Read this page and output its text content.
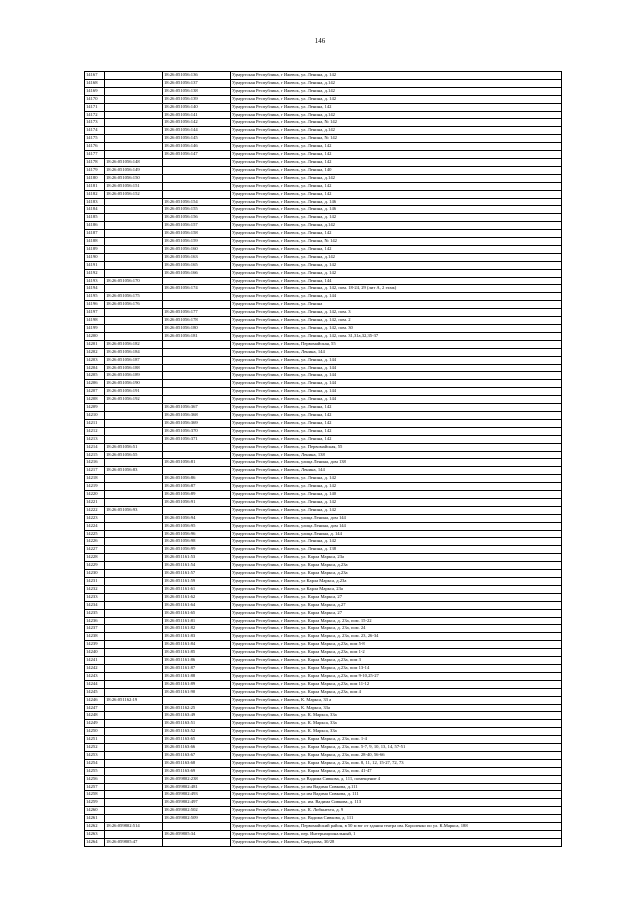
146
14167		18:26:051056:136	Удмуртская Республика, г Ижевск, ул. Ленина, д. 142
14168		18:26:051056:137	Удмуртская Республика, г Ижевск, ул. Ленина, д.142
14169		18:26:051056:138	Удмуртская Республика, г Ижевск, ул. Ленина, д.142
14170		18:26:051056:139	Удмуртская Республика, г Ижевск, ул. Ленина, д. 142
14171		18:26:051056:140	Удмуртская Республика, г Ижевск, ул. Ленина, 142
14172		18:26:051056:141	Удмуртская Республика, г Ижевск, ул. Ленина, д.142
14173		18:26:051056:142	Удмуртская Республика, г Ижевск, ул. Ленина, № 142
14174		18:26:051056:144	Удмуртская Республика, г Ижевск, ул. Ленина, д.142
14175		18:26:051056:145	Удмуртская Республика, г Ижевск, ул. Ленина, № 142
14176		18:26:051056:146	Удмуртская Республика, г Ижевск, ул. Ленина, 142
14177		18:26:051056:147	Удмуртская Республика, г Ижевск, ул. Ленина, 142
14178	18:26:051056:148		Удмуртская Республика, г Ижевск, ул. Ленина, 142
14179	18:26:051056:149		Удмуртская Республика, г Ижевск, ул. Ленина, 140
14180	18:26:051056:150		Удмуртская Республика, г Ижевск, ул. Ленина, д.142
14181	18:26:051056:151		Удмуртская Республика, г Ижевск, ул. Ленина, 142
14182	18:26:051056:152		Удмуртская Республика, г Ижевск, ул. Ленина, 142
14183		18:26:051056:154	Удмуртская Республика, г Ижевск, ул. Ленина, д. 146
14184		18:26:051056:155	Удмуртская Республика, г Ижевск, ул. Ленина, д. 146
14185		18:26:051056:156	Удмуртская Республика, г Ижевск, ул. Ленина, д. 142
14186		18:26:051056:157	Удмуртская Республика, г Ижевск, ул. Ленина, д.142
14187		18:26:051056:158	Удмуртская Республика, г Ижевск, ул. Ленина, 142
14188		18:26:051056:159	Удмуртская Республика, г Ижевск, ул. Ленина, № 142
14189		18:26:051056:160	Удмуртская Республика, г Ижевск, ул. Ленина, 142
14190		18:26:051056:163	Удмуртская Республика, г Ижевск, ул. Ленина, д.142
14191		18:26:051056:165	Удмуртская Республика, г Ижевск, ул. Ленина, д. 142
14192		18:26:051056:166	Удмуртская Республика, г Ижевск, ул. Ленина, д. 142
14193	18:26:051056:170		Удмуртская Республика, г Ижевск, ул. Ленина, 144
14194		18:26:051056:174	Удмуртская Республика, г Ижевск, ул. Ленина, д. 142, пом. 18-24, 29 (лит А, 2 этаж)
14195	18:26:051056:175		Удмуртская Республика, г Ижевск, ул. Ленина, д. 144
14196	18:26:051056:176		Удмуртская Республика, г Ижевск, ул. Ленина
14197		18:26:051056:177	Удмуртская Республика, г Ижевск, ул. Ленина, д. 142, пом. 3
14198		18:26:051056:178	Удмуртская Республика, г Ижевск, ул. Ленина, д. 142, пом. 2
14199		18:26:051056:180	Удмуртская Республика, г Ижевск, ул. Ленина, д. 142, пом. 30
14200		18:26:051056:181	Удмуртская Республика, г Ижевск, ул. Ленина, д. 142, пом. 31,31а,32,35-37
14201	18:26:051056:182		Удмуртская Республика, г Ижевск, Первомайская, 55
14202	18:26:051056:184		Удмуртская Республика, г Ижевск, Ленина, 144
14203	18:26:051056:187		Удмуртская Республика, г Ижевск, ул. Ленина, д. 144
14204	18:26:051056:188		Удмуртская Республика, г Ижевск, ул. Ленина, д. 144
14205	18:26:051056:189		Удмуртская Республика, г Ижевск, ул. Ленина, д. 144
14206	18:26:051056:190		Удмуртская Республика, г Ижевск, ул. Ленина, д. 144
14207	18:26:051056:191		Удмуртская Республика, г Ижевск, ул. Ленина, д. 144
14208	18:26:051056:192		Удмуртская Республика, г Ижевск, ул. Ленина, д. 144
14209		18:26:051056:367	Удмуртская Республика, г Ижевск, ул. Ленина, 142
14210		18:26:051056:368	Удмуртская Республика, г Ижевск, ул. Ленина, 142
14211		18:26:051056:369	Удмуртская Республика, г Ижевск, ул. Ленина, 142
14212		18:26:051056:370	Удмуртская Республика, г Ижевск, ул. Ленина, 142
14213		18:26:051056:371	Удмуртская Республика, г Ижевск, ул. Ленина, 142
14214	18:26:051056:51		Удмуртская Республика, г Ижевск, ул. Первомайская, 55
14215	18:26:051056:55		Удмуртская Республика, г Ижевск, Ленина, 138
14216		18:26:051056:81	Удмуртская Республика, г Ижевск, улица Ленина, дом 138
14217	18:26:051056:83		Удмуртская Республика, г Ижевск, Ленина, 144
14218		18:26:051056:86	Удмуртская Республика, г Ижевск, ул. Ленина, д. 142
14219		18:26:051056:87	Удмуртская Республика, г Ижевск, ул. Ленина, д. 142
14220		18:26:051056:89	Удмуртская Республика, г Ижевск, ул. Ленина, д. 140
14221		18:26:051056:91	Удмуртская Республика, г Ижевск, ул. Ленина, д. 142
14222	18:26:051056:93		Удмуртская Республика, г Ижевск, ул. Ленина, д. 142
14223		18:26:051056:94	Удмуртская Республика, г Ижевск, улица Ленина, дом 144
14224		18:26:051056:95	Удмуртская Республика, г Ижевск, улица Ленина, дом 144
14225		18:26:051056:96	Удмуртская Республика, г Ижевск, улица Ленина, д. 144
14226		18:26:051056:98	Удмуртская Республика, г Ижевск, ул. Ленина, д. 142
14227		18:26:051056:99	Удмуртская Республика, г Ижевск, ул. Ленина, д. 138
14228		18:26:051161:53	Удмуртская Республика, г Ижевск, ул. Карла Маркса, 23а
14229		18:26:051161:54	Удмуртская Республика, г Ижевск, ул. Карла Маркса, д.23а
14230		18:26:051161:57	Удмуртская Республика, г Ижевск, ул. Карла Маркса, д.23а
14231		18:26:051161:59	Удмуртская Республика, г Ижевск, ул Карла Маркса, д.23а
14232		18:26:051161:61	Удмуртская Республика, г Ижевск, ул Карла Маркса, 23а
14233		18:26:051161:62	Удмуртская Республика, г Ижевск, ул. Карла Маркса, 27
14234		18:26:051161:64	Удмуртская Республика, г Ижевск, ул. Карла Маркса, д.27
14235		18:26:051161:65	Удмуртская Республика, г Ижевск, ул. Карла Маркса, 27
14236		18:26:051161:81	Удмуртская Республика, г Ижевск, ул. Карла Маркса, д. 23а, пом. 15-22
14237		18:26:051161:82	Удмуртская Республика, г Ижевск, ул. Карла Маркса, д. 23а, пом. 24
14238		18:26:051161:83	Удмуртская Республика, г Ижевск, ул. Карла Маркса, д. 23а, пом. 23, 26-34
14239		18:26:051161:84	Удмуртская Республика, г Ижевск, ул. Карла Маркса, д.23а, пом 5-8
14240		18:26:051161:85	Удмуртская Республика, г Ижевск, ул. Карла Маркса, д.23а, пом 1-2
14241		18:26:051161:86	Удмуртская Республика, г Ижевск, ул. Карла Маркса, д.23а, пом 3
14242		18:26:051161:87	Удмуртская Республика, г Ижевск, ул. Карла Маркса, д.23а, пом 13-14
14243		18:26:051161:88	Удмуртская Республика, г Ижевск, ул. Карла Маркса, д.23а, пом 9-10,25-27
14244		18:26:051161:89	Удмуртская Республика, г Ижевск, ул. Карла Маркса, д.23а, пом 11-12
14245		18:26:051161:90	Удмуртская Республика, г Ижевск, ул. Карла Маркса, д.23а, пом 4
14246	18:26:051162:19		Удмуртская Республика, г Ижевск, К. Маркса, 33 а
14247		18:26:051162:25	Удмуртская Республика, г Ижевск, К. Маркса, 33а
14248		18:26:051163:49	Удмуртская Республика, г Ижевск, ул. К. Маркса, 33а
14249		18:26:051163:51	Удмуртская Республика, г Ижевск, ул. К. Маркса, 33а
14250		18:26:051163:52	Удмуртская Республика, г Ижевск, ул. К. Маркса, 33а
14251		18:26:051163:65	Удмуртская Республика, г Ижевск, ул. Карла Маркса, д. 23а, пом. 1-4
14252		18:26:051163:66	Удмуртская Республика, г Ижевск, ул. Карла Маркса, д. 23а, пом. 5-7, 9, 10, 13, 14, 57-51
14253		18:26:051163:67	Удмуртская Республика, г Ижевск, ул. Карла Маркса, д. 23а, пом. 28-40, 56-66
14254		18:26:051163:68	Удмуртская Республика, г Ижевск, ул. Карла Маркса, д. 23а, пом. 8, 11, 12, 15-27, 72, 73
14255		18:26:051163:69	Удмуртская Республика, г Ижевск, ул. Карла Маркса, д. 23а, пом. 41-47
14256		18:26:059802:238	Удмуртская Республика, г Ижевск, ул Вадима Сивкова, д. 111, помещение 4
14257		18:26:059802:481	Удмуртская Республика, г Ижевск, ул им Вадима Сивкова, д.111
14258		18:26:059802:493	Удмуртская Республика, г Ижевск, ул им Вадима Сивкова, д. 111
14259		18:26:059802:497	Удмуртская Республика, г Ижевск, ул. им. Вадима Сивкова, д. 113
14260		18:26:059802:502	Удмуртская Республика, г Ижевск, ул. К. Либкнехта, д. 9
14261		18:26:059802:509	Удмуртская Республика, г Ижевск, ул. Вадима Сивкова, д. 111
14262	18:26:059802:514		Удмуртская Республика, г Ижевск, Первомайский район, в 50 м юг от здания театра им. Короленко по ул. К.Маркса, 188
14263		18:26:059805:34	Удмуртская Республика, г Ижевск, пер. Интернациональный, 1
14264	18:26:059805:47		Удмуртская Республика, г Ижевск, Свердлова, 30/28
